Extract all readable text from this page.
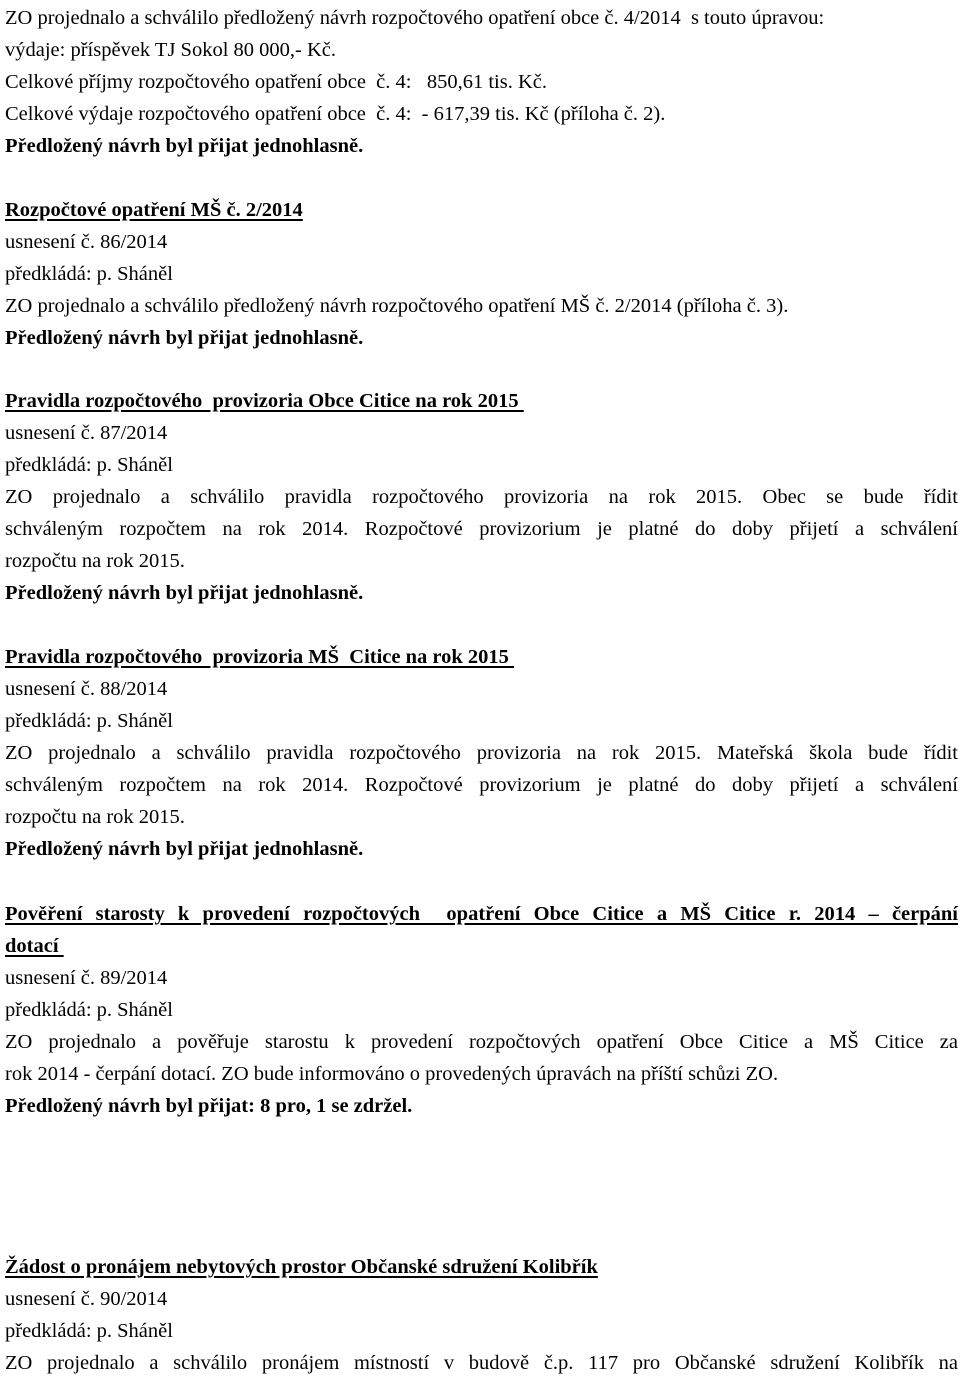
ZO projednalo a schválilo předložený návrh rozpočtového opatření obce č. 4/2014  s touto úpravou:
výdaje: příspěvek TJ Sokol 80 000,- Kč.
Celkové příjmy rozpočtového opatření obce  č. 4:   850,61 tis. Kč.
Celkové výdaje rozpočtového opatření obce  č. 4:  - 617,39 tis. Kč (příloha č. 2).
Předložený návrh byl přijat jednohlasně.
Rozpočtové opatření MŠ č. 2/2014
usnesení č. 86/2014
předkládá: p. Sháněl
ZO projednalo a schválilo předložený návrh rozpočtového opatření MŠ č. 2/2014 (příloha č. 3).
Předložený návrh byl přijat jednohlasně.
Pravidla rozpočtového  provizoria Obce Citice na rok 2015
usnesení č. 87/2014
předkládá: p. Sháněl
ZO projednalo a schválilo pravidla rozpočtového provizoria na rok 2015. Obec se bude řídit
schváleným rozpočtem na rok 2014. Rozpočtové provizorium je platné do doby přijetí a schválení
rozpočtu na rok 2015.
Předložený návrh byl přijat jednohlasně.
Pravidla rozpočtového  provizoria MŠ  Citice na rok 2015
usnesení č. 88/2014
předkládá: p. Sháněl
ZO projednalo a schválilo pravidla rozpočtového provizoria na rok 2015. Mateřská škola bude řídit
schváleným rozpočtem na rok 2014. Rozpočtové provizorium je platné do doby přijetí a schválení
rozpočtu na rok 2015.
Předložený návrh byl přijat jednohlasně.
Pověření starosty k provedení rozpočtových  opatření Obce Citice a MŠ Citice r. 2014 – čerpání
dotací
usnesení č. 89/2014
předkládá: p. Sháněl
ZO projednalo a pověřuje starostu k provedení rozpočtových opatření Obce Citice a MŠ Citice za
rok 2014 - čerpání dotací. ZO bude informováno o provedených úpravách na příští schůzi ZO.
Předložený návrh byl přijat: 8 pro, 1 se zdržel.
Žádost o pronájem nebytových prostor Občanské sdružení Kolibřík
usnesení č. 90/2014
předkládá: p. Sháněl
ZO projednalo a schválilo pronájem místností v budově č.p. 117 pro Občanské sdružení Kolibřík na
